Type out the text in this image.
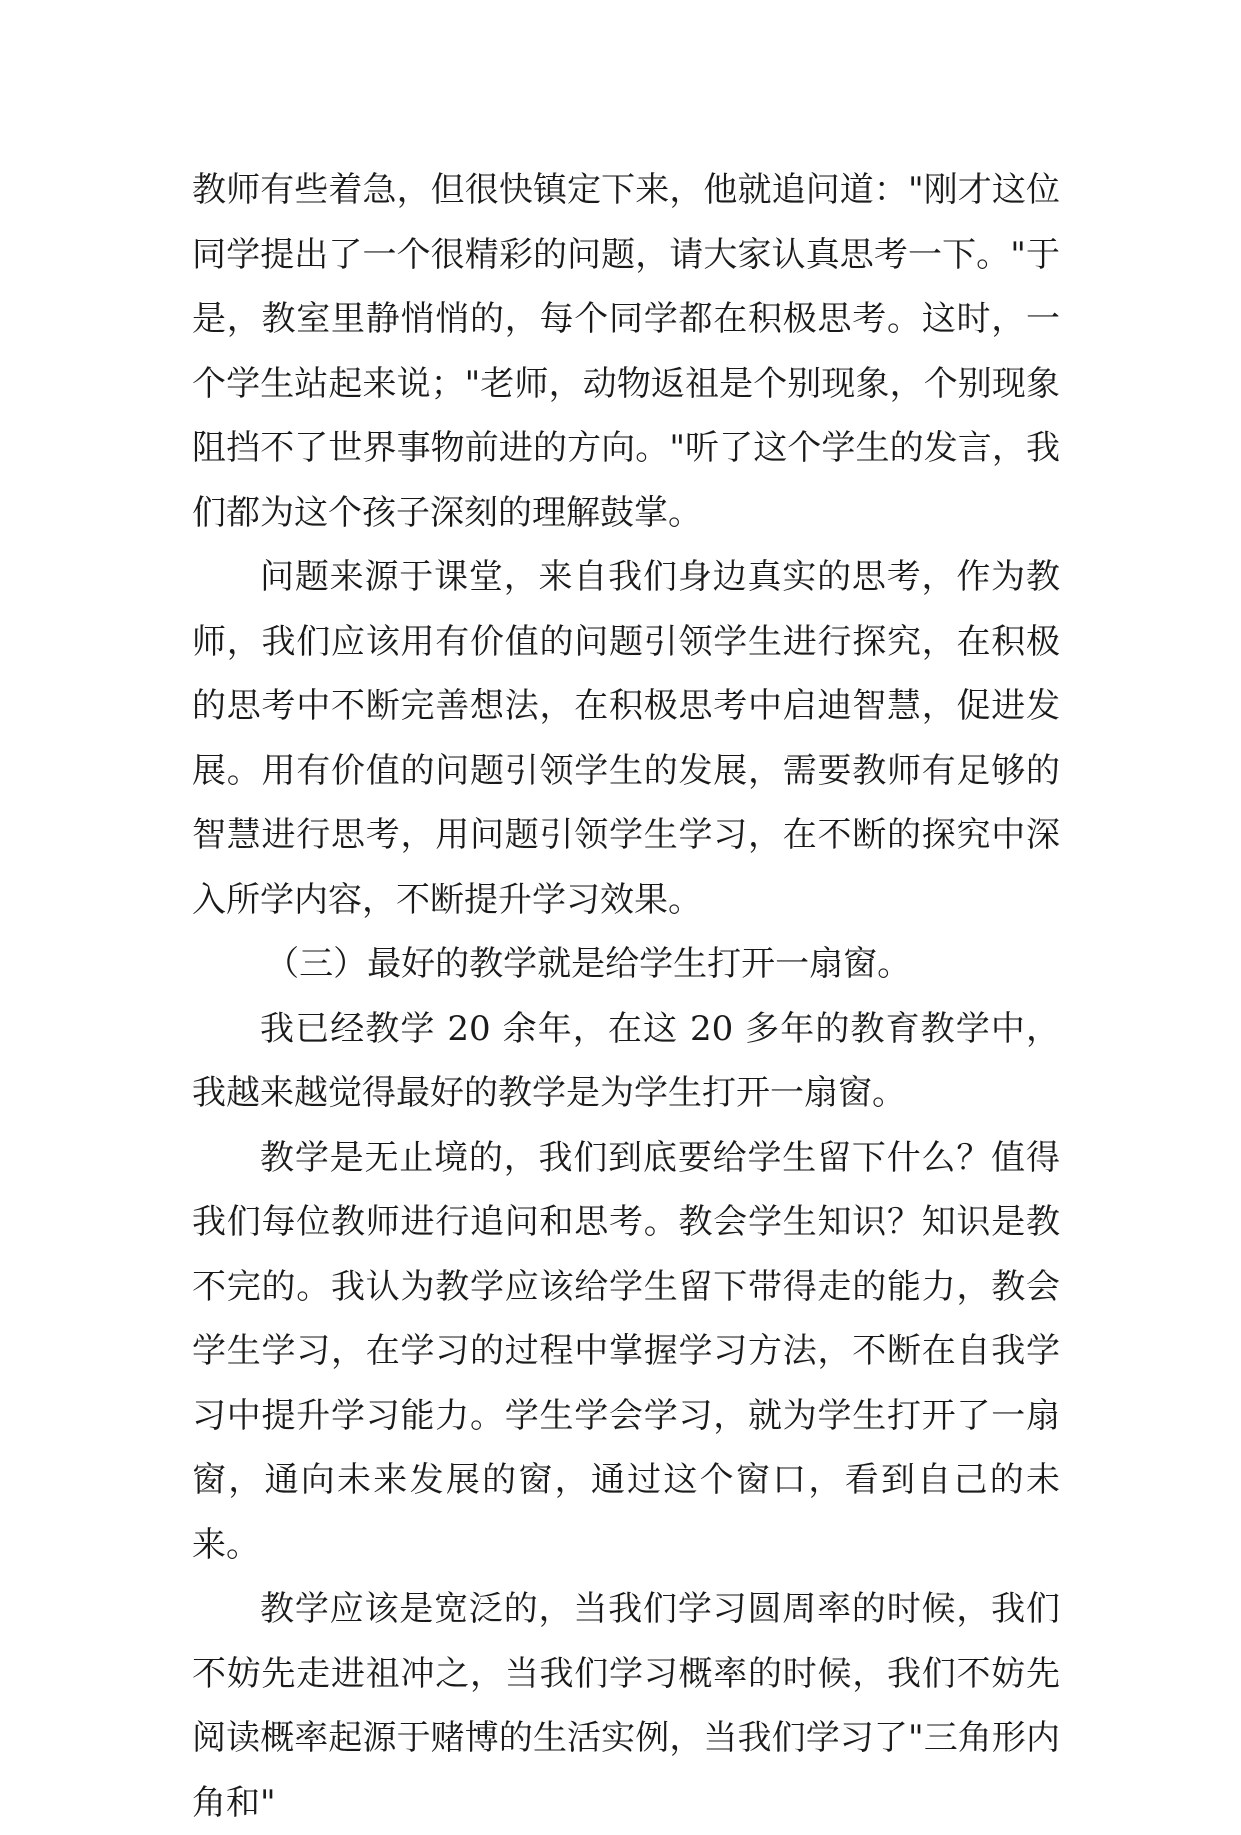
教师有些着急，但很快镇定下来，他就追问道："刚才这位同学提出了一个很精彩的问题，请大家认真思考一下。"于是，教室里静悄悄的，每个同学都在积极思考。这时，一个学生站起来说；"老师，动物返祖是个别现象，个别现象阻挡不了世界事物前进的方向。"听了这个学生的发言，我们都为这个孩子深刻的理解鼓掌。

问题来源于课堂，来自我们身边真实的思考，作为教师，我们应该用有价值的问题引领学生进行探究，在积极的思考中不断完善想法，在积极思考中启迪智慧，促进发展。用有价值的问题引领学生的发展，需要教师有足够的智慧进行思考，用问题引领学生学习，在不断的探究中深入所学内容，不断提升学习效果。

（三）最好的教学就是给学生打开一扇窗。

我已经教学 20 余年，在这 20 多年的教育教学中，我越来越觉得最好的教学是为学生打开一扇窗。

教学是无止境的，我们到底要给学生留下什么？值得我们每位教师进行追问和思考。教会学生知识？知识是教不完的。我认为教学应该给学生留下带得走的能力，教会学生学习，在学习的过程中掌握学习方法，不断在自我学习中提升学习能力。学生学会学习，就为学生打开了一扇窗，通向未来发展的窗，通过这个窗口，看到自己的未来。

教学应该是宽泛的，当我们学习圆周率的时候，我们不妨先走进祖冲之，当我们学习概率的时候，我们不妨先阅读概率起源于赌博的生活实例，当我们学习了"三角形内角和"
